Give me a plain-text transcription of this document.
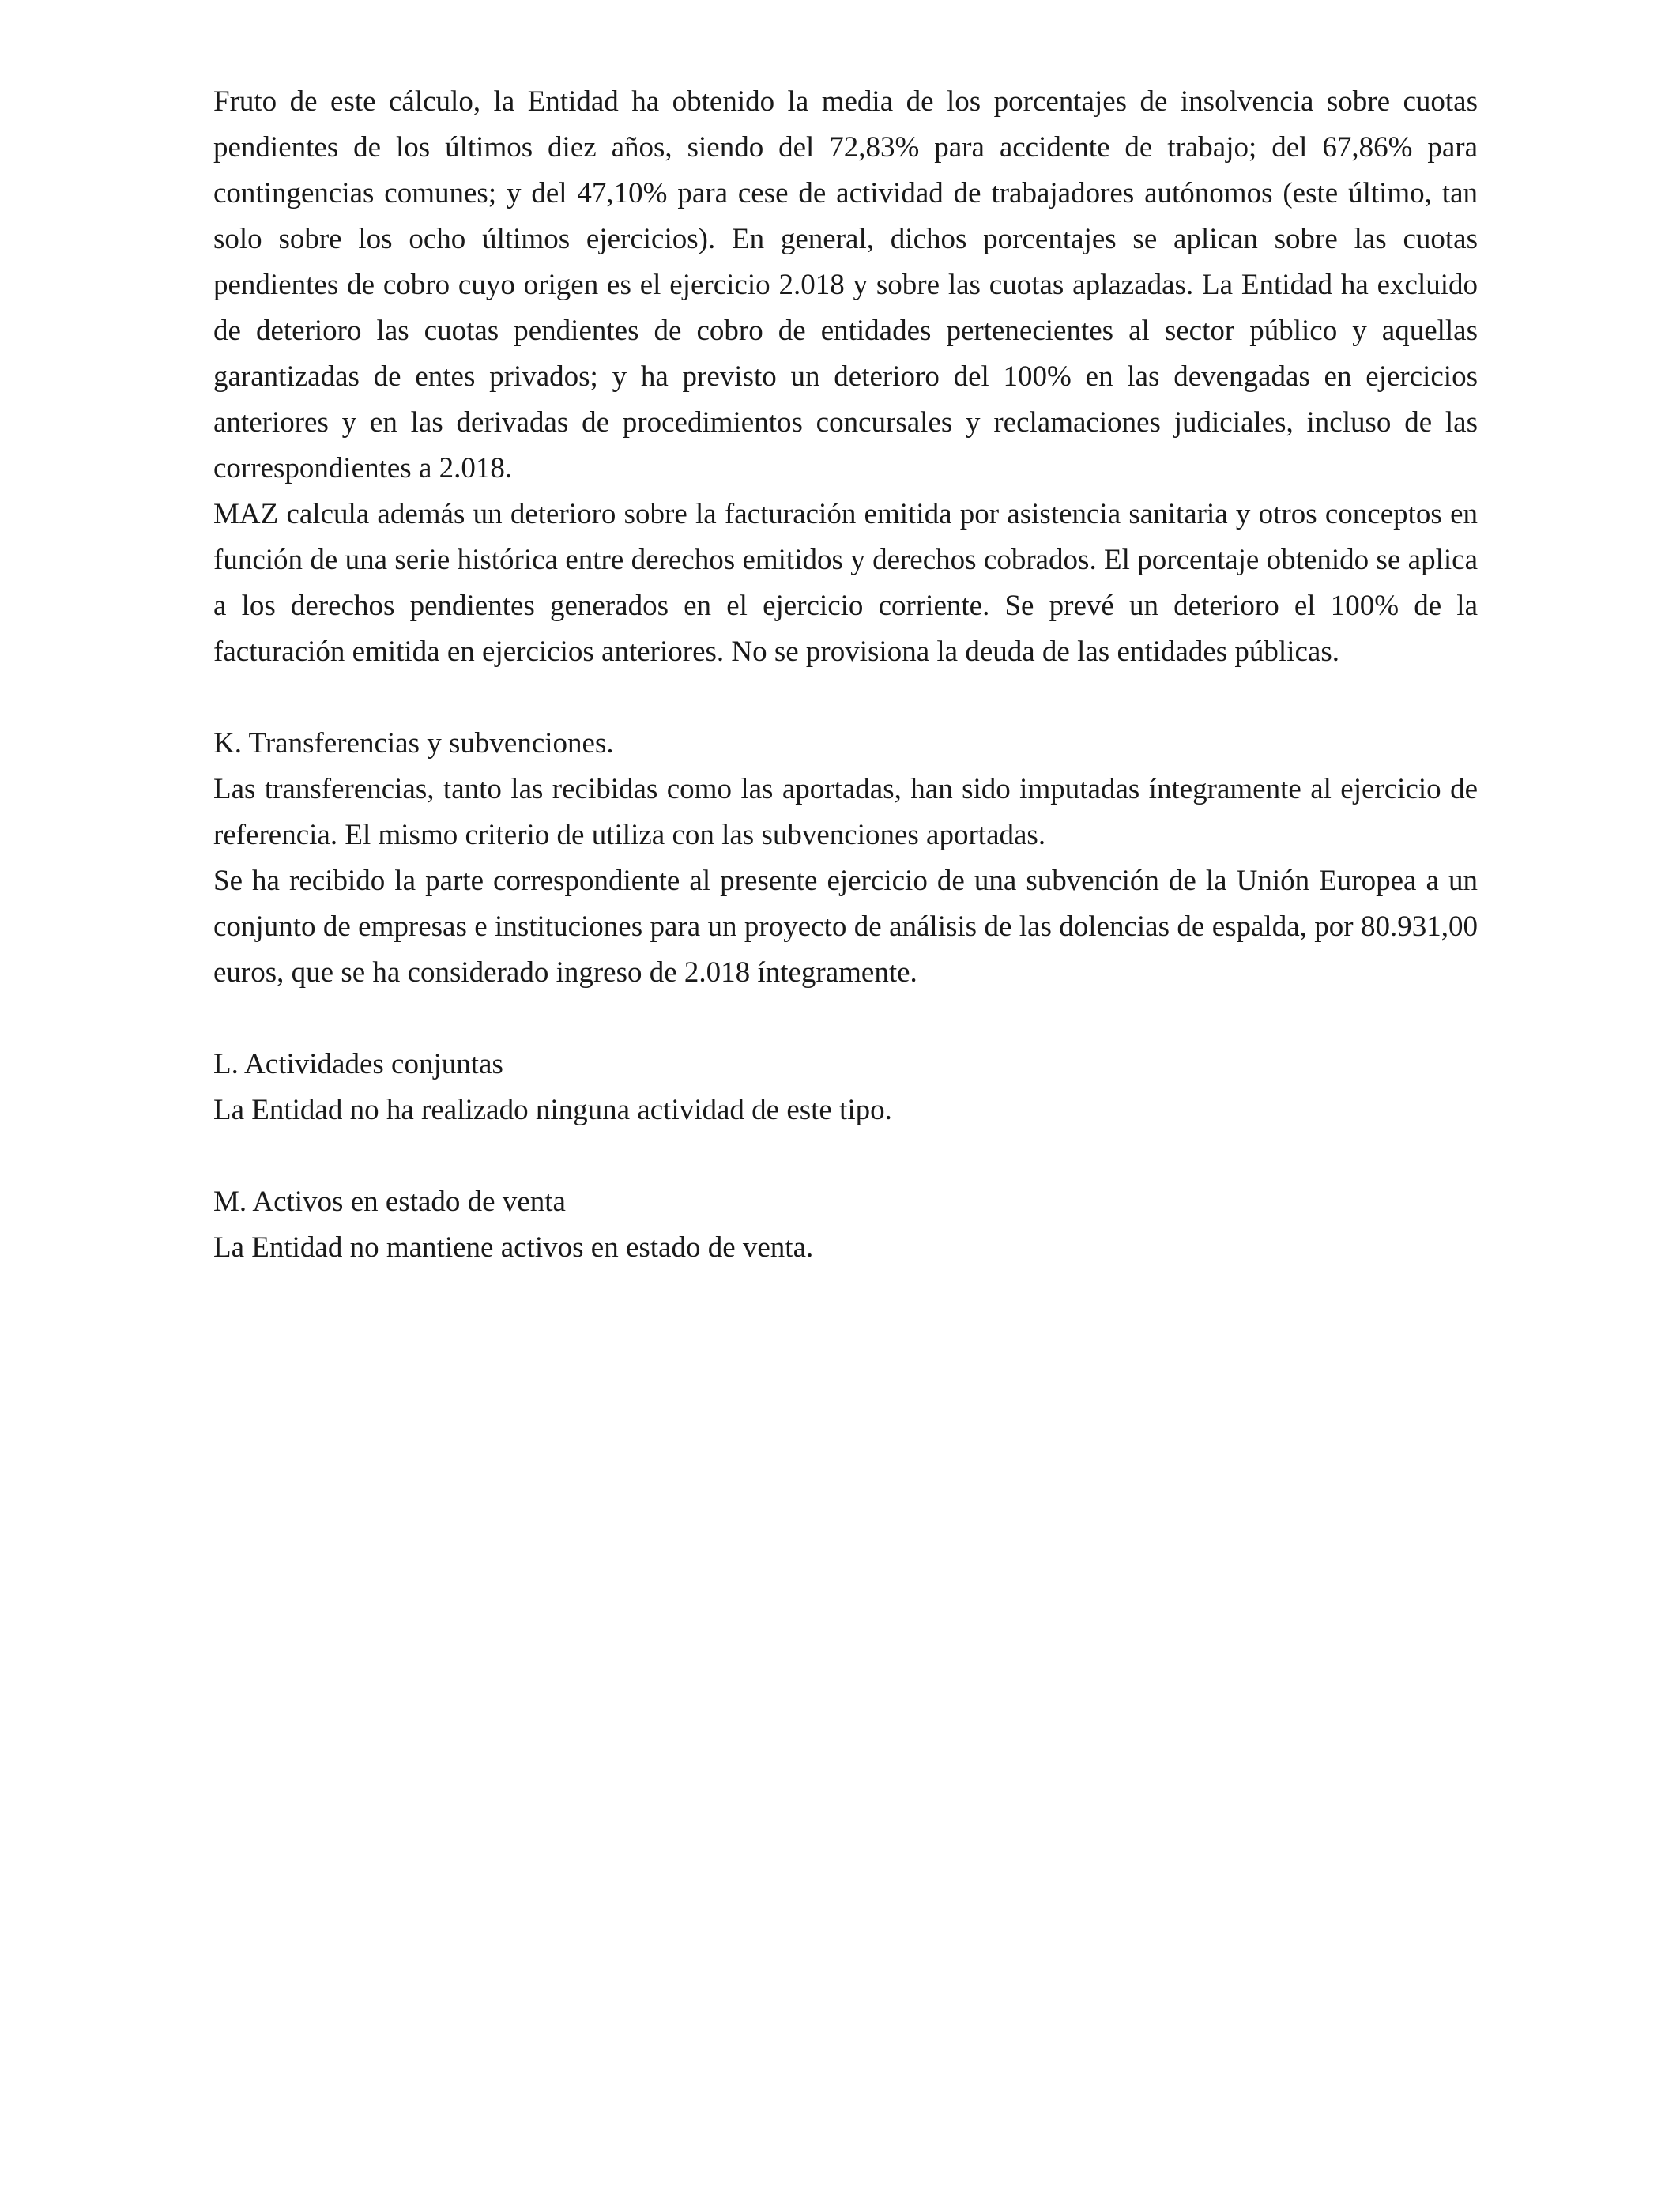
Fruto de este cálculo, la Entidad ha obtenido la media de los porcentajes de insolvencia sobre cuotas pendientes de los últimos diez años, siendo del 72,83% para accidente de trabajo; del 67,86% para contingencias comunes; y del 47,10% para cese de actividad de trabajadores autónomos (este último, tan solo sobre los ocho últimos ejercicios). En general, dichos porcentajes se aplican sobre las cuotas pendientes de cobro cuyo origen es el ejercicio 2.018 y sobre las cuotas aplazadas. La Entidad ha excluido de deterioro las cuotas pendientes de cobro de entidades pertenecientes al sector público y aquellas garantizadas de entes privados; y ha previsto un deterioro del 100% en las devengadas en ejercicios anteriores y en las derivadas de procedimientos concursales y reclamaciones judiciales, incluso de las correspondientes a 2.018.

MAZ calcula además un deterioro sobre la facturación emitida por asistencia sanitaria y otros conceptos en función de una serie histórica entre derechos emitidos y derechos cobrados. El porcentaje obtenido se aplica a los derechos pendientes generados en el ejercicio corriente. Se prevé un deterioro el 100% de la facturación emitida en ejercicios anteriores. No se provisiona la deuda de las entidades públicas.

K. Transferencias y subvenciones.

Las transferencias, tanto las recibidas como las aportadas, han sido imputadas íntegramente al ejercicio de referencia. El mismo criterio de utiliza con las subvenciones aportadas.

Se ha recibido la parte correspondiente al presente ejercicio de una subvención de la Unión Europea a un conjunto de empresas e instituciones para un proyecto de análisis de las dolencias de espalda, por 80.931,00 euros, que se ha considerado ingreso de 2.018 íntegramente.

L. Actividades conjuntas

La Entidad no ha realizado ninguna actividad de este tipo.

M. Activos en estado de venta

La Entidad no mantiene activos en estado de venta.
